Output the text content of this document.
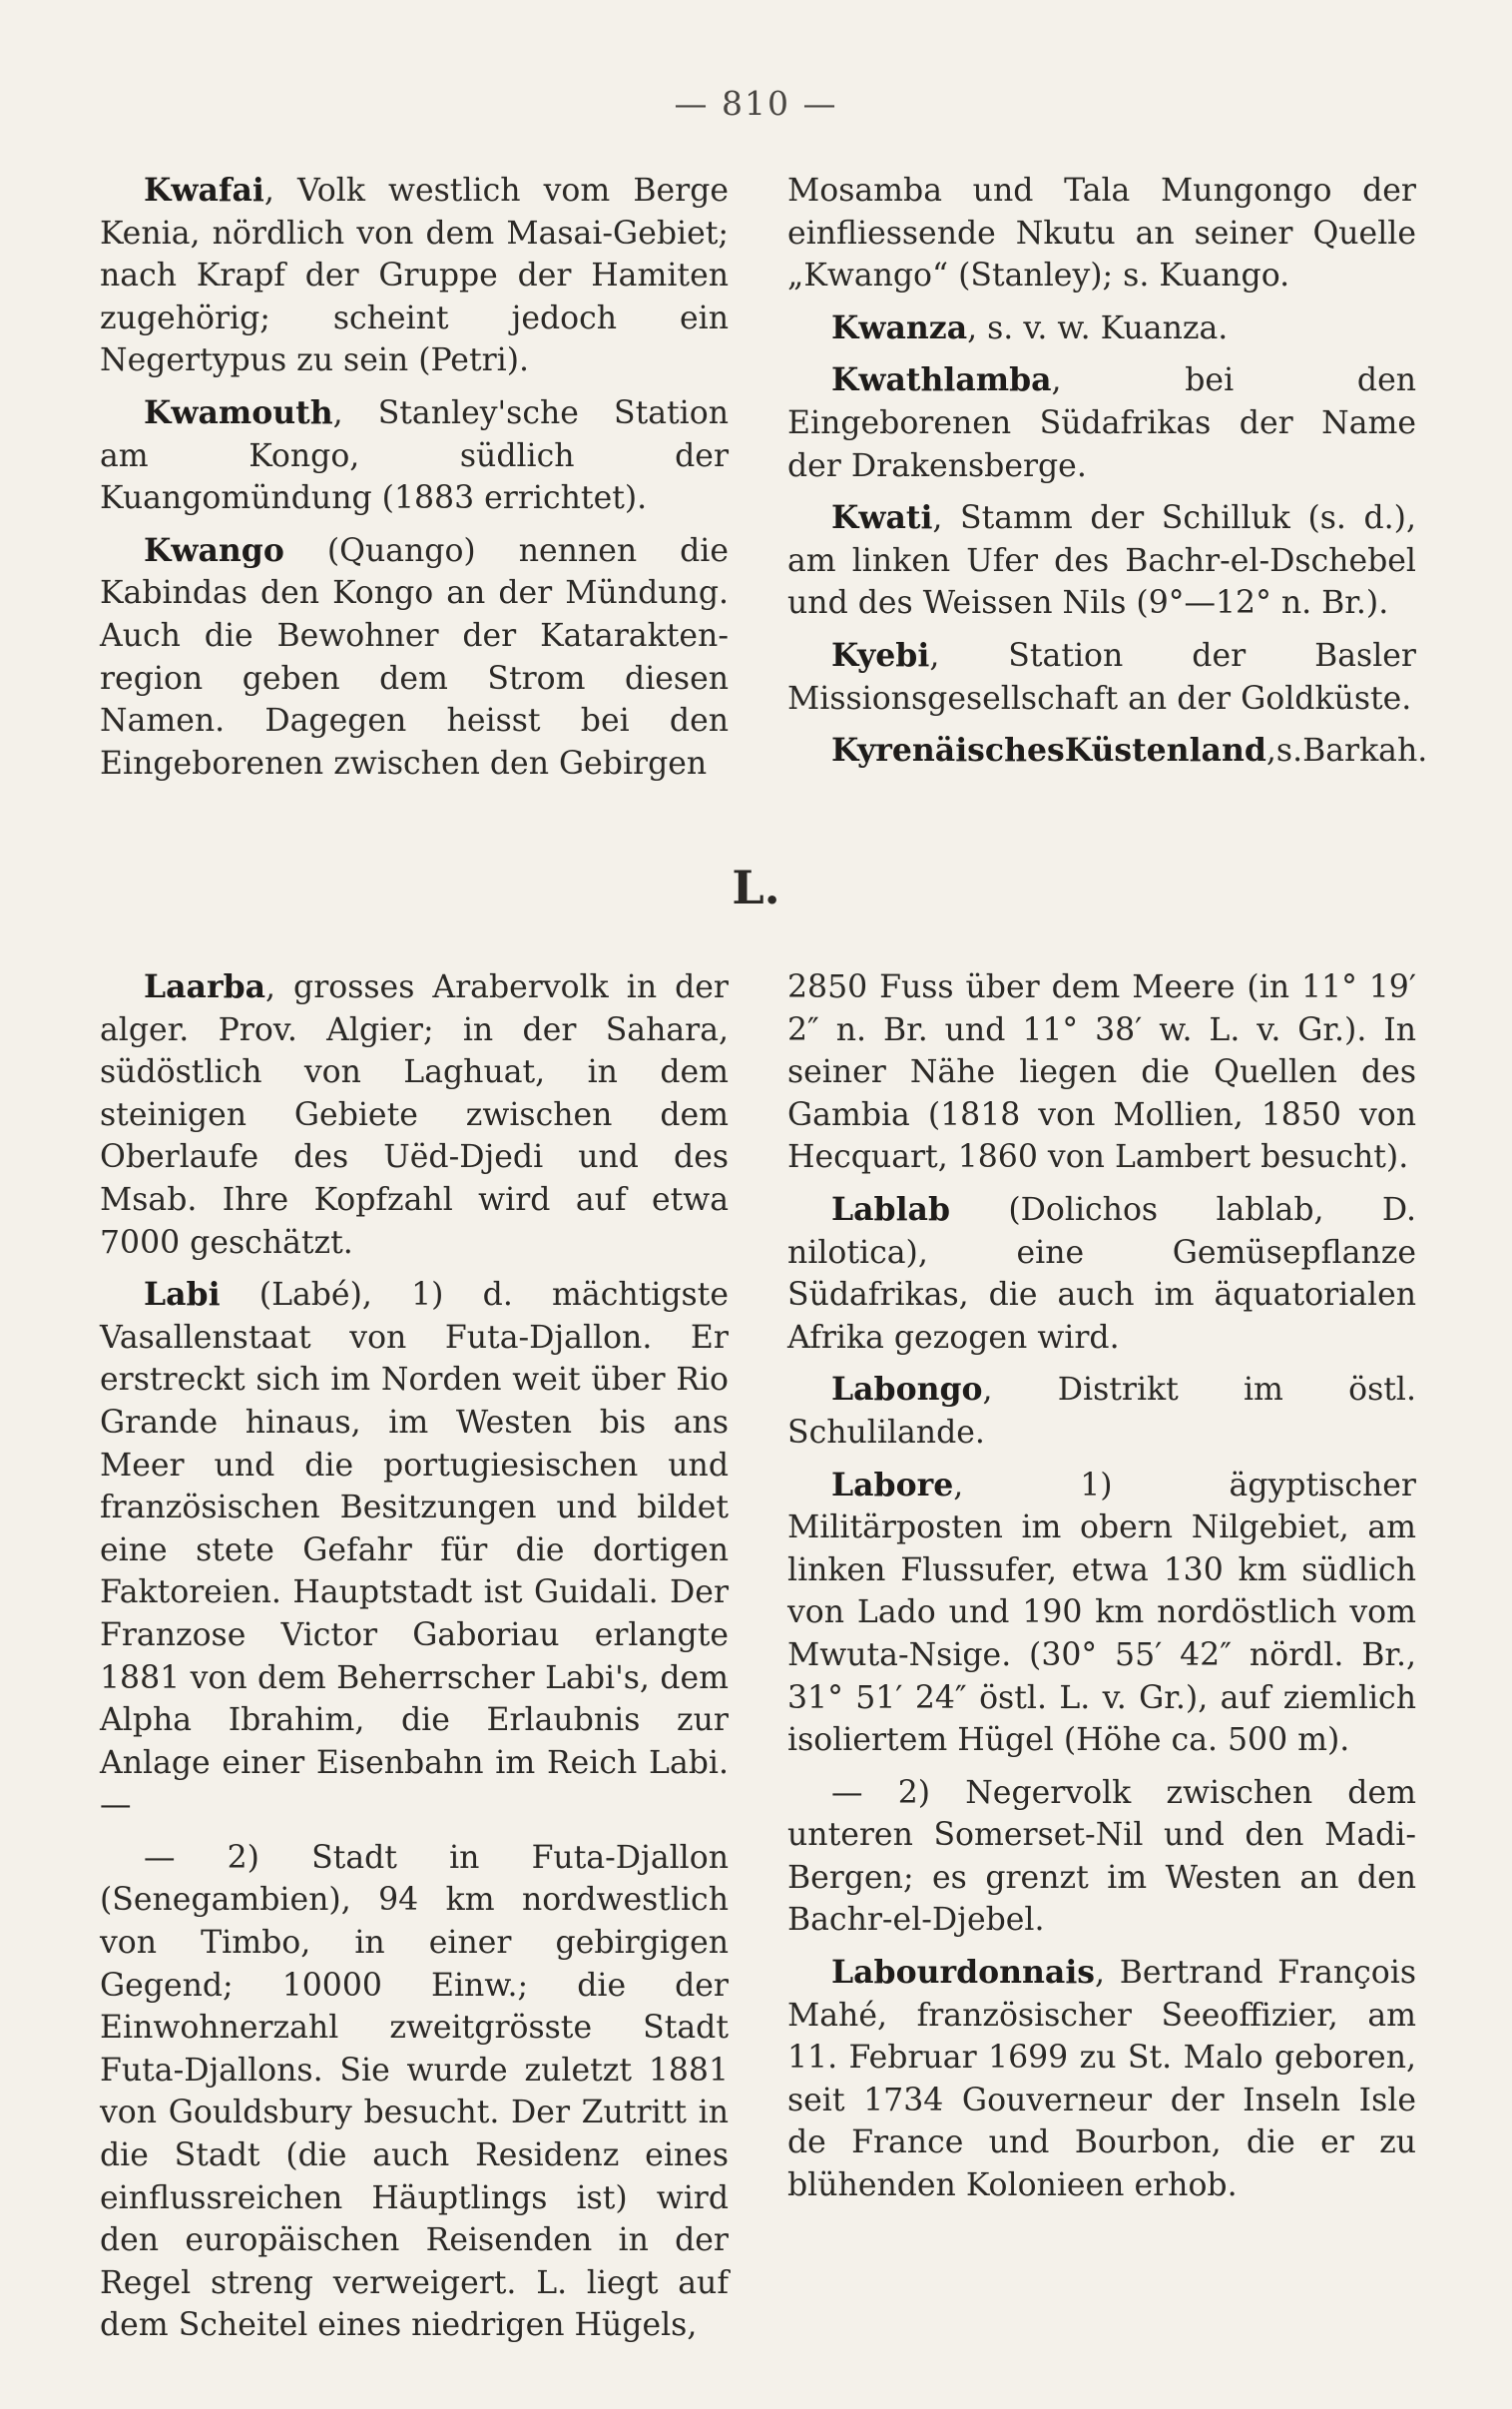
— 810 —

Kwafai, Volk westlich vom Berge Kenia, nördlich von dem Masai-Gebiet; nach Krapf der Gruppe der Hamiten zugehörig; scheint jedoch ein Negertypus zu sein (Petri).

Kwamouth, Stanley'sche Station am Kongo, südlich der Kuangomündung (1883 errichtet).

Kwango (Quango) nennen die Kabindas den Kongo an der Mündung. Auch die Bewohner der Katarakten-region geben dem Strom diesen Namen. Dagegen heisst bei den Eingeborenen zwischen den Gebirgen

Mosamba und Tala Mungongo der einfliessende Nkutu an seiner Quelle „Kwango“ (Stanley); s. Kuango.

Kwanza, s. v. w. Kuanza.

Kwathlamba, bei den Eingeborenen Südafrikas der Name der Drakensberge.

Kwati, Stamm der Schilluk (s. d.), am linken Ufer des Bachr-el-Dschebel und des Weissen Nils (9°—12° n. Br.).

Kyebi, Station der Basler Missionsgesellschaft an der Goldküste.

KyrenäischesKüstenland,s.Barkah.

L.

Laarba, grosses Arabervolk in der alger. Prov. Algier; in der Sahara, südöstlich von Laghuat, in dem steinigen Gebiete zwischen dem Oberlaufe des Uëd-Djedi und des Msab. Ihre Kopfzahl wird auf etwa 7000 geschätzt.

Labi (Labé), 1) d. mächtigste Vasallenstaat von Futa-Djallon. Er erstreckt sich im Norden weit über Rio Grande hinaus, im Westen bis ans Meer und die portugiesischen und französischen Besitzungen und bildet eine stete Gefahr für die dortigen Faktoreien. Hauptstadt ist Guidali. Der Franzose Victor Gaboriau erlangte 1881 von dem Beherrscher Labi's, dem Alpha Ibrahim, die Erlaubnis zur Anlage einer Eisenbahn im Reich Labi. —

— 2) Stadt in Futa-Djallon (Senegambien), 94 km nordwestlich von Timbo, in einer gebirgigen Gegend; 10000 Einw.; die der Einwohnerzahl zweitgrösste Stadt Futa-Djallons. Sie wurde zuletzt 1881 von Gouldsbury besucht. Der Zutritt in die Stadt (die auch Residenz eines einflussreichen Häuptlings ist) wird den europäischen Reisenden in der Regel streng verweigert. L. liegt auf dem Scheitel eines niedrigen Hügels,

2850 Fuss über dem Meere (in 11° 19′ 2″ n. Br. und 11° 38′ w. L. v. Gr.). In seiner Nähe liegen die Quellen des Gambia (1818 von Mollien, 1850 von Hecquart, 1860 von Lambert besucht).

Lablab (Dolichos lablab, D. nilotica), eine Gemüsepflanze Südafrikas, die auch im äquatorialen Afrika gezogen wird.

Labongo, Distrikt im östl. Schulilande.

Labore, 1) ägyptischer Militärposten im obern Nilgebiet, am linken Flussufer, etwa 130 km südlich von Lado und 190 km nordöstlich vom Mwuta-Nsige. (30° 55′ 42″ nördl. Br., 31° 51′ 24″ östl. L. v. Gr.), auf ziemlich isoliertem Hügel (Höhe ca. 500 m).

— 2) Negervolk zwischen dem unteren Somerset-Nil und den Madi-Bergen; es grenzt im Westen an den Bachr-el-Djebel.

Labourdonnais, Bertrand François Mahé, französischer Seeoffizier, am 11. Februar 1699 zu St. Malo geboren, seit 1734 Gouverneur der Inseln Isle de France und Bourbon, die er zu blühenden Kolonieen erhob.
